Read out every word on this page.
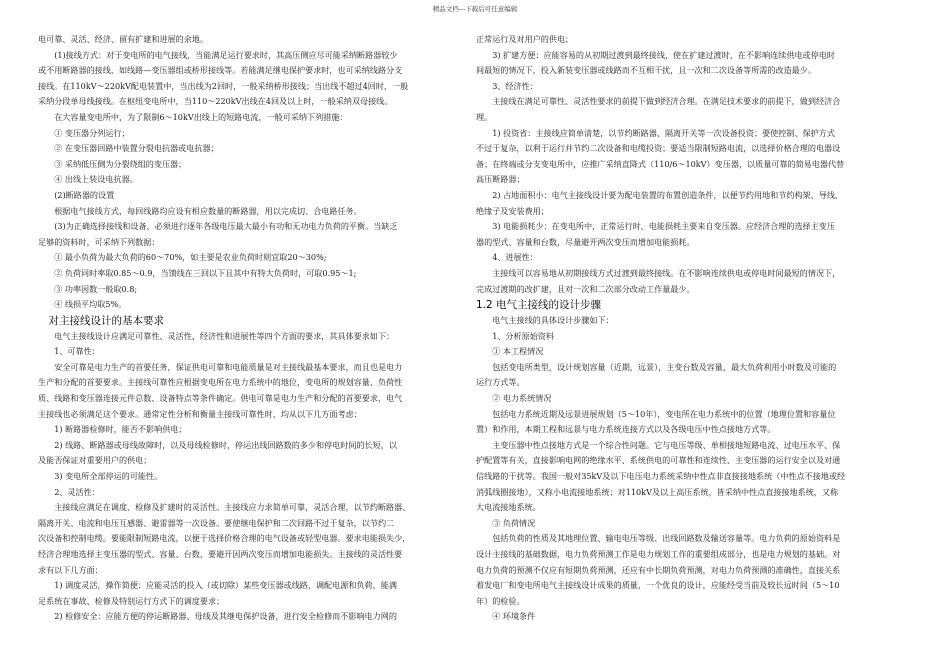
精品文档---下载后可任意编辑

电可靠、灵活、经济、留有扩建和进展的余地。

　　(1)接线方式：对于变电所的电气接线，当能满足运行要求时，其高压侧应尽可能采纳断路器较少

或不用断路器的接线，如线路—变压器组或桥形接线等。若能满足继电保护要求时，也可采纳线路分支

接线。在110kV～220kV配电装置中，当出线为2回时，一般采纳桥形接线；当出线不超过4回时，一般

采纳分段单母线接线。在枢纽变电所中，当110～220kV出线在4回及以上时，一般采纳双母接线。

　　在大容量变电所中，为了限制6～10kV出线上的短路电流，一般可采纳下列措施：

　　① 变压器分列运行；

　　② 在变压器回路中装置分裂电抗器或电抗器；

　　③ 采纳低压侧为分裂绕组的变压器；

　　④ 出线上装设电抗器。

　　(2)断路器的设置

　　根据电气接线方式，每回线路均应设有相应数量的断路器，用以完成切、合电路任务。

　　(3)为正确选择接线和设备，必须进行逐年各级电压最大最小有功和无功电力负荷的平衡。当缺乏

足够的资料时，可采纳下列数据：

　　① 最小负荷为最大负荷的60～70%，如主要是农业负荷时则宜取20～30%;

　　② 负荷同时率取0.85～0.9，当馈线在三回以下且其中有特大负荷时，可取0.95～1;

　　③ 功率因数一般取0.8;

　　④ 线损平均取5%。

　对主接线设计的基本要求

　　电气主接线设计应满足可靠性、灵活性、经济性和进展性等四个方面的要求，其具体要求如下：

　　1、可靠性：

　　安全可靠是电力生产的首要任务，保证供电可靠和电能质量是对主接线最基本要求，而且也是电力

生产和分配的首要要求。主接线可靠性应根据变电所在电力系统中的地位，变电所的规划容量、负荷性

质、线路和变压器连接元件总数、设备特点等条件确定。供电可靠是电力生产和分配的首要要求，电气

主接线也必须满足这个要求。通常定性分析和衡量主接线可靠性时，均从以下几方面考虑：

　　1) 断路器检修时，能否不影响供电；

　　2) 线路、断路器或母线故障时，以及母线检修时，停运出线回路数的多少和停电时间的长短，以

及能否保证对重要用户的供电；

　　3) 变电所全部停运的可能性。

　　2、灵活性：

　　主接线应满足在调度、检修及扩建时的灵活性。主接线应力求简单可靠，灵活合理，以节约断路器、

隔离开关、电流和电压互感器、避雷器等一次设备。要使继电保护和二次回路不过于复杂，以节约二

次设备和控制电缆。要能限制短路电流，以便于选择价格合理的电气设备或轻型电器。要求电能损失少，

经济合理地选择主变压器的型式、容量、台数，要避开因两次变压而增加电能损失。主接线的灵活性要

求有以下几方面：

　　1) 调度灵活，操作简便：应能灵活的投入（或切除）某些变压器或线路，调配电源和负荷，能满

足系统在事故、检修及特别运行方式下的调度要求；

　　2) 检修安全：应能方便的停运断路器、母线及其继电保护设备，进行安全检修而不影响电力网的

正常运行及对用户的供电；

　　3) 扩建方便：应能容易的从初期过渡到最终接线，使在扩建过渡时，在不影响连续供电或停电时

间最短的情况下，投入新装变压器或线路而不互相干扰，且一次和二次设备等所需的改造最少。

　　3、经济性：

　　主接线在满足可靠性、灵活性要求的前提下做到经济合理。在满足技术要求的前提下，做到经济合

理。

　　1) 投资省：主接线应简单清楚，以节约断路器、隔离开关等一次设备投资；要使控制、保护方式

不过于复杂，以利于运行并节约二次设备和电缆投资；要适当限制短路电流，以选择价格合理的电器设

备；在终端或分支变电所中，应推广采纳直降式（110/6～10kV）变压器，以质量可靠的简易电器代替

高压断路器；

　　2) 占地面积小：电气主接线设计要为配电装置的布置创造条件，以便节约用地和节约构架、导线、

绝缘子及安装费用；

　　3) 电能损耗少：在变电所中，正常运行时，电能损耗主要来自变压器。应经济合理的选择主变压

器的型式、容量和台数，尽量避开两次变压而增加电能损耗。

　　4、进展性：

　　主接线可以容易地从初期接线方式过渡到最终接线。在不影响连续供电或停电时间最短的情况下，

完成过渡期的改扩建，且对一次和二次部分改动工作量最少。

1.2 电气主接线的设计步骤

　　电气主接线的具体设计步骤如下：

　　1、分析原始资料

　　① 本工程情况

　　包括变电所类型，设计规划容量（近期，远景），主变台数及容量，最大负荷利用小时数及可能的

运行方式等。

　　② 电力系统情况

　　包括电力系统近期及远景进展规划（5～10年），变电所在电力系统中的位置（地理位置和容量位

置）和作用，本期工程和远景与电力系统连接方式以及各级电压中性点接地方式等。

　　主变压器中性点接地方式是一个综合性问题。它与电压等级、单相接地短路电流、过电压水平、保

护配置等有关，直接影响电网的绝缘水平、系统供电的可靠性和连续性、主变压器的运行安全以及对通

信线路的干扰等。我国一般对35kV及以下电压电力系统采纳中性点非直接接地系统（中性点不接地或经

消弧线圈接地），又称小电流接地系统；对110kV及以上高压系统，皆采纳中性点直接接地系统，又称

大电流接地系统。

　　③ 负荷情况

　　包括负荷的性质及其地理位置、输电电压等级、出线回路数及输送容量等。电力负荷的原始资料是

设计主接线的基础数据，电力负荷预测工作是电力规划工作的重要组成部分，也是电力规划的基础。对

电力负荷的预测不仅应有短期负荷预测，还应有中长期负荷预测，对电力负荷预测的准确性，直接关系

着发电厂和变电所电气主接线设计成果的质量，一个优良的设计，应能经受当前及较长远时间（5～10

年）的检验。

　　④ 环境条件
